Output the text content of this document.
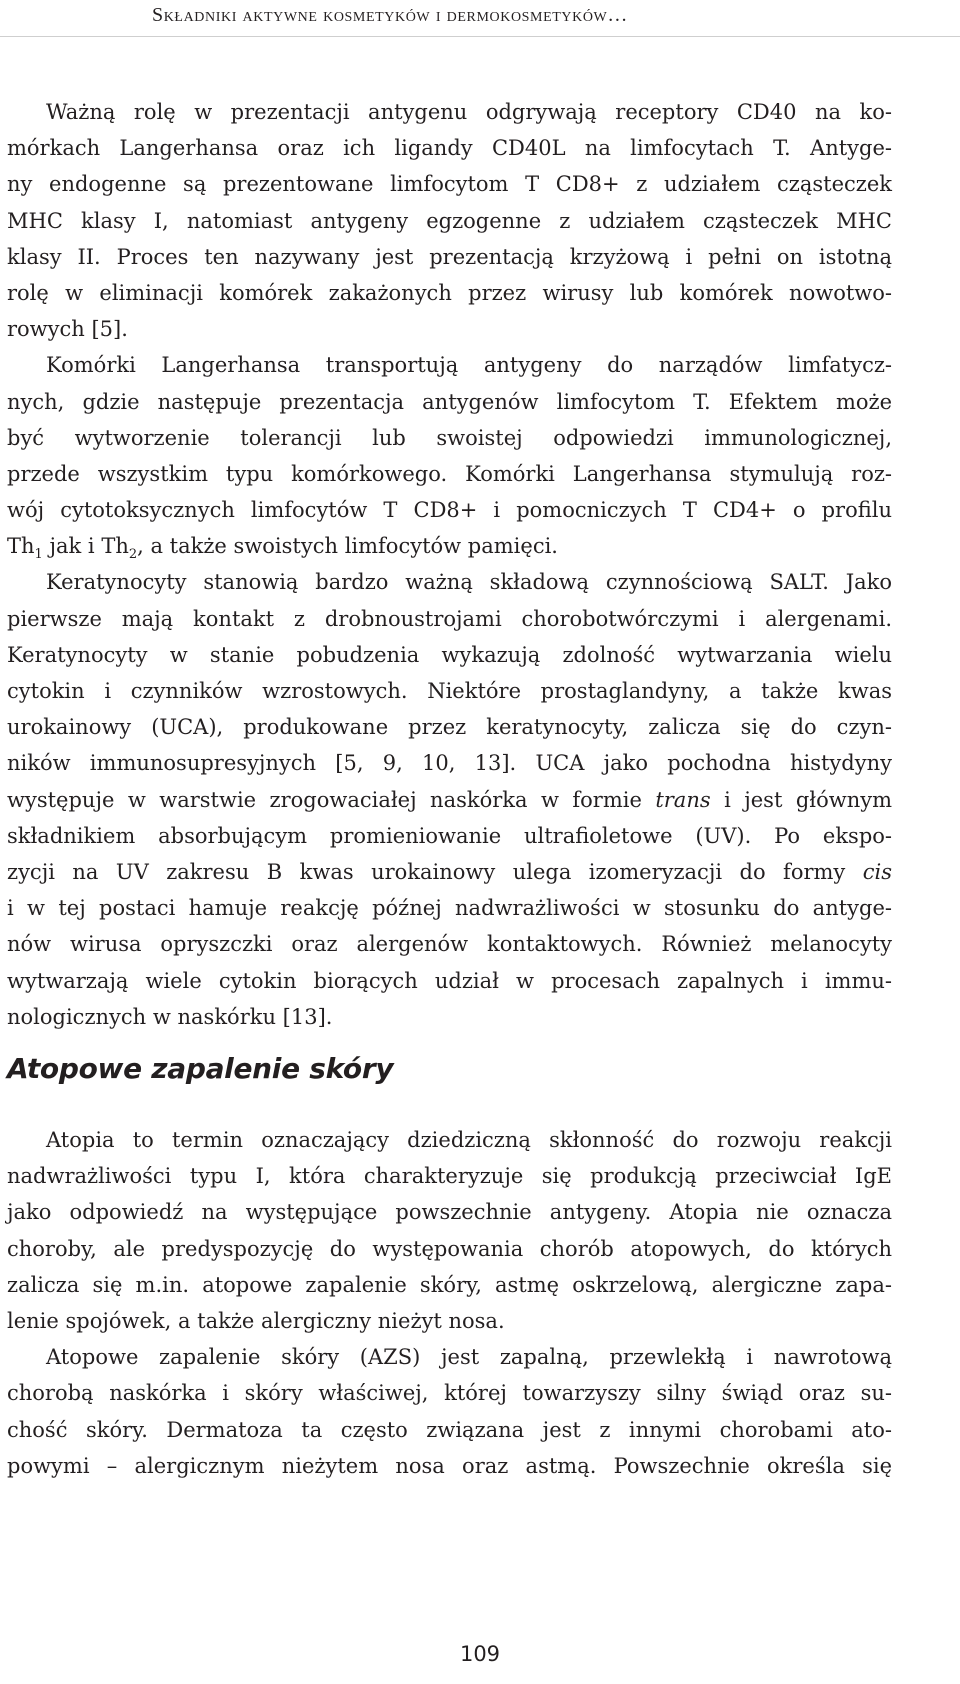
Składniki aktywne kosmetyków i dermokosmetyków…
Ważną rolę w prezentacji antygenu odgrywają receptory CD40 na ko-
mórkach Langerhansa oraz ich ligandy CD40L na limfocytach T. Antyge-
ny endogenne są prezentowane limfocytom T CD8+ z udziałem cząsteczek
MHC klasy I, natomiast antygeny egzogenne z udziałem cząsteczek MHC
klasy II. Proces ten nazywany jest prezentacją krzyżową i pełni on istotną
rolę w eliminacji komórek zakażonych przez wirusy lub komórek nowotwo-
rowych [5].
Komórki Langerhansa transportują antygeny do narządów limfatycz-
nych, gdzie następuje prezentacja antygenów limfocytom T. Efektem może
być wytworzenie tolerancji lub swoistej odpowiedzi immunologicznej,
przede wszystkim typu komórkowego. Komórki Langerhansa stymulują roz-
wój cytotoksycznych limfocytów T CD8+ i pomocniczych T CD4+ o profilu
$Th_1$ jak i $Th_2$, a także swoistych limfocytów pamięci.
Keratynocyty stanowią bardzo ważną składową czynnościową SALT. Jako
pierwsze mają kontakt z drobnoustrojami chorobotwórczymi i alergenami.
Keratynocyty w stanie pobudzenia wykazują zdolność wytwarzania wielu
cytokin i czynników wzrostowych. Niektóre prostaglandyny, a także kwas
urokainowy (UCA), produkowane przez keratynocyty, zalicza się do czyn-
ników immunosupresyjnych [5, 9, 10, 13]. UCA jako pochodna histydyny
występuje w warstwie zrogowaciałej naskórka w formie trans i jest głównym
składnikiem absorbującym promieniowanie ultrafioletowe (UV). Po ekspo-
zycji na UV zakresu B kwas urokainowy ulega izomeryzacji do formy cis
i w tej postaci hamuje reakcję późnej nadwrażliwości w stosunku do antyge-
nów wirusa opryszczki oraz alergenów kontaktowych. Również melanocyty
wytwarzają wiele cytokin biorących udział w procesach zapalnych i immu-
nologicznych w naskórku [13].
Atopowe zapalenie skóry
Atopia to termin oznaczający dziedziczną skłonność do rozwoju reakcji
nadwrażliwości typu I, która charakteryzuje się produkcją przeciwciał IgE
jako odpowiedź na występujące powszechnie antygeny. Atopia nie oznacza
choroby, ale predyspozycję do występowania chorób atopowych, do których
zalicza się m.in. atopowe zapalenie skóry, astmę oskrzelową, alergiczne zapa-
lenie spojówek, a także alergiczny nieżyt nosa.
Atopowe zapalenie skóry (AZS) jest zapalną, przewlekłą i nawrotową
chorobą naskórka i skóry właściwej, której towarzyszy silny świąd oraz su-
chość skóry. Dermatoza ta często związana jest z innymi chorobami ato-
powymi – alergicznym nieżytem nosa oraz astmą. Powszechnie określa się
109
